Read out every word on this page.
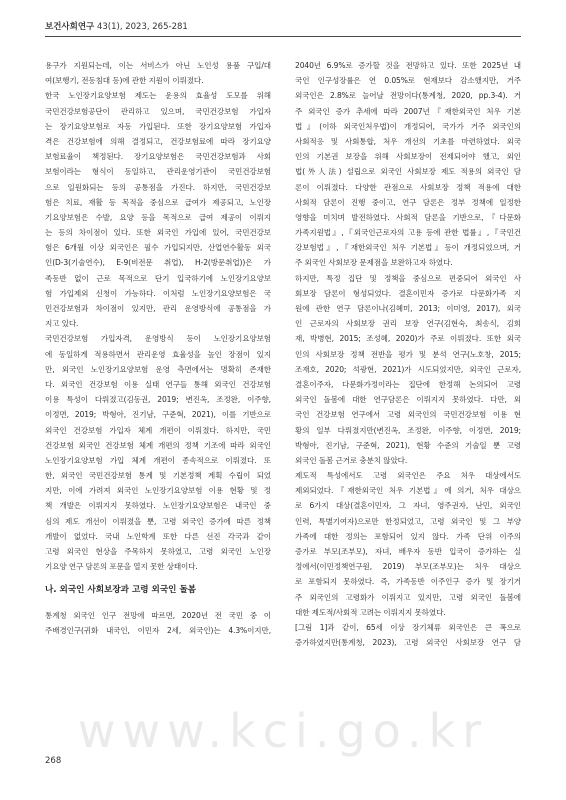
보건사회연구 43(1), 2023, 265-281
용구가 지원되는데, 이는 서비스가 아닌 노인성 용품 구입/대
여(보행기, 전동침대 등)에 관한 지원이 이뤄졌다.
한국 노인장기요양보험 제도는 운용의 효율성 도모를 위해
국민건강보험공단이 관리하고 있으며, 국민건강보험 가입자
는 장기요양보험로 자동 가입된다. 또한 장기요양보험 가입자
격은 건강보험에 의해 결정되고, 건강보험료에 따라 장기요양
보험료율이 책정된다. 장기요양보험은 국민건강보험과 사회
보험이라는 형식이 동일하고, 관리운영기관이 국민건강보험
으로 일원화되는 등의 공통점을 가진다. 하지만, 국민건강보
험은 치료, 재활 등 목적을 중심으로 급여가 제공되고, 노인장
기요양보험은 수발, 요양 등을 목적으로 급여 제공이 이뤄지
는 등의 차이점이 있다. 또한 외국인 가입에 있어, 국민건강보
험은 6개월 이상 외국인은 필수 가입되지만, 산업연수활동 외국
인(D-3(기술연수), E-9(비전문 취업), H-2(방문취업))은 가
족동반 없이 근로 목적으로 단기 입국하기에 노인장기요양보
험 가입제외 신청이 가능하다. 이처럼 노인장기요양보험은 국
민건강보험과 차이점이 있지만, 관리 운영방식에 공통점을 가
지고 있다.
국민건강보험 가입자격, 운영방식 등이 노인장기요양보험
에 동일하게 적용하면서 관리운영 효율성을 높인 장점이 있지
만, 외국인 노인장기요양보험 운영 측면에서는 명확히 존재한
다. 외국인 건강보험 이용 실태 연구들 통해 외국인 건강보험
이용 특성이 다뤄졌고(김동권, 2019; 변진옥, 조정완, 이주향,
이정면, 2019; 박형아, 진기남, 구준혁, 2021), 이를 기반으로
외국인 건강보험 가입자 체계 개편이 이뤄졌다. 하지만, 국민
건강보험 외국인 건강보험 체계 개편의 정책 기조에 따라 외국인
노인장기요양보험 가입 체계 개편이 종속적으로 이뤄졌다. 또
한, 외국인 국민건강보험 통계 및 기본정책 계획 수립이 되었
지만, 이에 가려져 외국인 노인장기요양보험 이용 현황 및 정
책 개발은 이뤄지지 못하였다. 노인장기요양보험은 내국인 중
심의 제도 개선이 이뤄졌을 뿐, 고령 외국인 증가에 따른 정책
개발이 없었다. 국내 노인학계 또한 다른 선진 각국과 같이
고령 외국인 현상을 주목하지 못하였고, 고령 외국인 노인장
기요양 연구 담론의 포문을 열지 못한 상태이다.
나. 외국인 사회보장과 고령 외국인 돌봄
통계청 외국인 인구 전망에 따르면, 2020년 전 국민 중 이
주배경인구(귀화 내국인, 이민자 2세, 외국인)는 4.3%이지만,
2040년 6.9%로 증가할 것을 전망하고 있다. 또한 2025년 내
국인 인구성장률은 연 0.05%로 현재보다 감소했지만, 거주
외국인은 2.8%로 늘어날 전망이다(통계청, 2020, pp.3-4). 거
주 외국인 증가 추세에 따라 2007년『재한외국인 처우 기본
법』(이하 외국인처우법)이 개정되어, 국가가 거주 외국인의
사회적응 및 사회통합, 처우 개선의 기초를 마련하였다. 외국
인의 기본권 보장을 위해 사회보장이 전제되어야 했고, 외인
법(外人法) 설립으로 외국인 사회보장 제도 적용의 외국인 담
론이 이뤄졌다. 다양한 관점으로 사회보장 정책 적용에 대한
사회적 담론이 진행 중이고, 연구 담론은 정부 정책에 일정한
영향을 미치며 발전하였다. 사회적 담론을 기반으로,『다문화
가족지원법』,『외국인근로자의 고용 등에 관한 법률』,『국민건
강보험법』,『재한외국인 처우 기본법』등이 개정되었으며, 거
주 외국인 사회보장 문제점을 보완하고자 하였다.
하지만, 특정 집단 및 정책을 중심으로 편중되어 외국인 사
회보장 담론이 형성되었다. 결혼이민자 증가로 다문화가족 지
원에 관한 연구 담론이나(김혜미, 2013; 이미영, 2017), 외국
인 근로자의 사회보장 권리 보장 연구(김현숙, 최송식, 김희
재, 박병현, 2015; 조성혜, 2020)가 주로 이뤄졌다. 또한 외국
인의 사회보장 정책 전반을 평가 및 분석 연구(노호창, 2015;
조재호, 2020; 석광현, 2021)가 시도되었지만, 외국인 근로자,
결혼이주자, 다문화가정이라는 집단에 한정해 논의되어 고령
외국인 돌봄에 대한 연구담론은 이뤄지지 못하였다. 다만, 외
국인 건강보험 연구에서 고령 외국인의 국민건강보험 이용 현
황의 일부 다뤄졌지만(변진옥, 조정완, 이주향, 이정면, 2019;
박형아, 진기남, 구준혁, 2021), 현황 수준의 기술일 뿐 고령
외국인 돌봄 근거로 충분치 않았다.
제도적 특성에서도 고령 외국인은 주요 처우 대상에서도
제외되었다.『재한외국인 처우 기본법』에 의거, 처우 대상으
로 6가지 대상(결혼이민자, 그 자녀, 영주권자, 난민, 외국인
인력, 특별기여자)으로만 한정되었고, 고령 외국인 및 그 부양
가족에 대한 정의는 포함되어 있지 않다. 가족 단위 이주의
증가로 부모(조부모), 자녀, 배우자 동반 입국이 증가하는 실
정에서(이민정책연구원, 2019) 부모(조부모)는 처우 대상으
로 포함되지 못하였다. 즉, 가족동반 이주인구 증가 및 장기거
주 외국인의 고령화가 이뤄지고 있지만, 고령 외국인 돌봄에
대한 제도적/사회적 고려는 이뤄지지 못하였다.
[그림 1]과 같이, 65세 이상 장기체류 외국인은 큰 폭으로
증가하였지만(통계청, 2023), 고령 외국인 사회보장 연구 담
www.kci.go.kr
268
